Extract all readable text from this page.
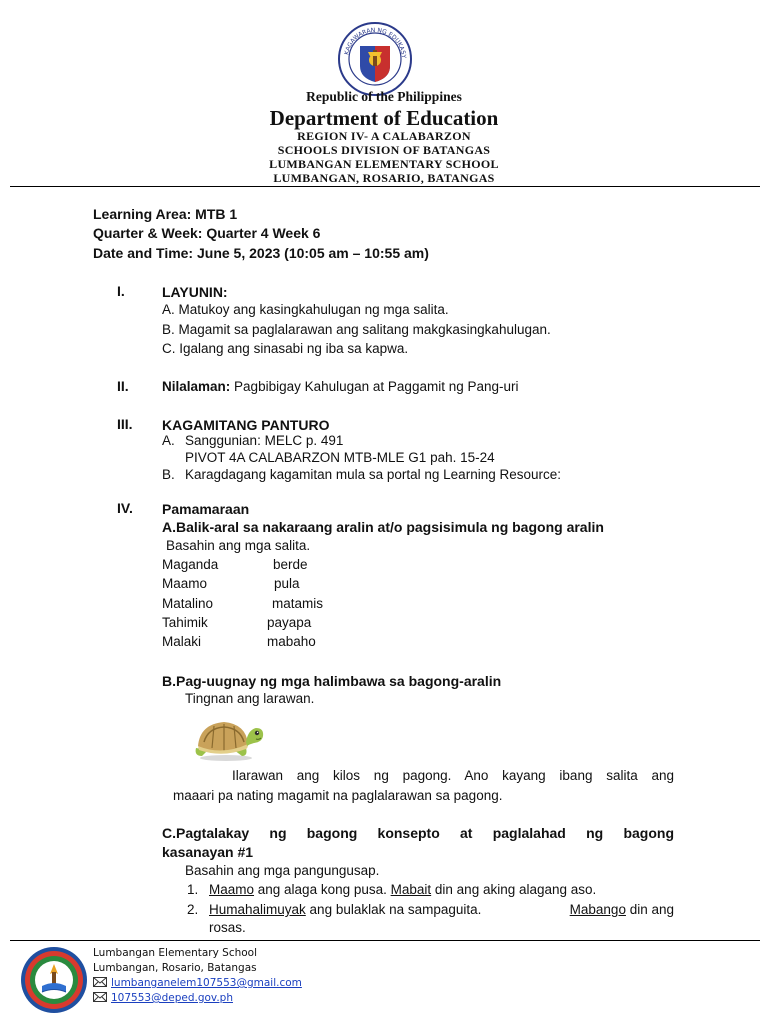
KAGAWARAN NG EDUKASY
Republic of the Philippines
Department of Education
REGION IV- A CALABARZON
SCHOOLS DIVISION OF BATANGAS
LUMBANGAN ELEMENTARY SCHOOL
LUMBANGAN, ROSARIO, BATANGAS
Learning Area: MTB 1
Quarter & Week: Quarter 4 Week 6
Date and Time: June 5, 2023 (10:05 am – 10:55 am)
I.	LAYUNIN:
A. Matukoy ang kasingkahulugan ng mga salita.
B. Magamit sa paglalarawan ang salitang makgkasingkahulugan.
C. Igalang ang sinasabi ng iba sa kapwa.
II. Nilalaman: Pagbibigay Kahulugan at Paggamit ng Pang-uri
III. KAGAMITANG PANTURO
A. Sanggunian: MELC p. 491
PIVOT 4A CALABARZON MTB-MLE G1 pah. 15-24
B. Karagdagang kagamitan mula sa portal ng Learning Resource:
IV. Pamamaraan
A.Balik-aral sa nakaraang aralin at/o pagsisimula ng bagong aralin
Basahin ang mga salita.
Maganda	berde
Maamo	pula
Matalino	matamis
Tahimik	payapa
Malaki	mabaho
B.Pag-uugnay ng mga halimbawa sa bagong-aralin
Tingnan ang larawan.
Ilarawan ang kilos ng pagong. Ano kayang ibang salita ang
maaari pa nating magamit na paglalarawan sa pagong.
C.Pagtalakay ng bagong konsepto at paglalahad ng bagong
kasanayan #1
Basahin ang mga pangungusap.
1. Maamo ang alaga kong pusa. Mabait din ang aking alagang aso.
2. Humahalimuyak ang bulaklak na sampaguita.	Mabango din ang
rosas.
Lumbangan Elementary School
Lumbangan, Rosario, Batangas
lumbanganelem107553@gmail.com
107553@deped.gov.ph
